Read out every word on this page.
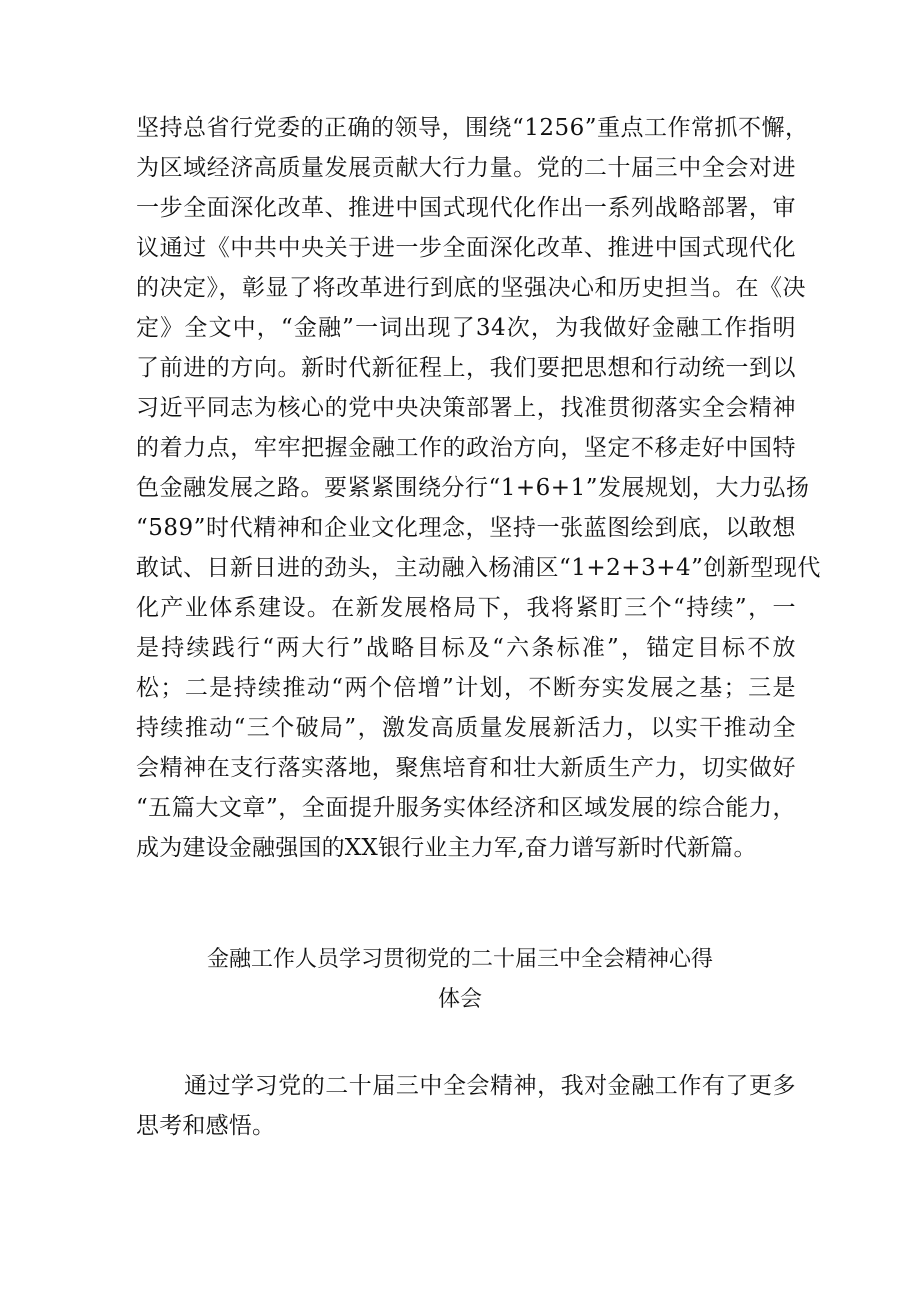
坚持总省行党委的正确的领导，围绕“1256”重点工作常抓不懈，
为区域经济高质量发展贡献大行力量。党的二十届三中全会对进
一步全面深化改革、推进中国式现代化作出一系列战略部署，审
议通过《中共中央关于进一步全面深化改革、推进中国式现代化
的决定》，彰显了将改革进行到底的坚强决心和历史担当。在《决
定》全文中，“金融”一词出现了34次，为我做好金融工作指明
了前进的方向。新时代新征程上，我们要把思想和行动统一到以
习近平同志为核心的党中央决策部署上，找准贯彻落实全会精神
的着力点，牢牢把握金融工作的政治方向，坚定不移走好中国特
色金融发展之路。要紧紧围绕分行“1+6+1”发展规划，大力弘扬
“589”时代精神和企业文化理念，坚持一张蓝图绘到底，以敢想
敢试、日新日进的劲头，主动融入杨浦区“1+2+3+4”创新型现代
化产业体系建设。在新发展格局下，我将紧盯三个“持续”，一
是持续践行“两大行”战略目标及“六条标准”，锚定目标不放
松；二是持续推动“两个倍增”计划，不断夯实发展之基；三是
持续推动“三个破局”，激发高质量发展新活力，以实干推动全
会精神在支行落实落地，聚焦培育和壮大新质生产力，切实做好
“五篇大文章”，全面提升服务实体经济和区域发展的综合能力，
成为建设金融强国的XX银行业主力军,奋力谱写新时代新篇。
金融工作人员学习贯彻党的二十届三中全会精神心得
体会
通过学习党的二十届三中全会精神，我对金融工作有了更多
思考和感悟。
